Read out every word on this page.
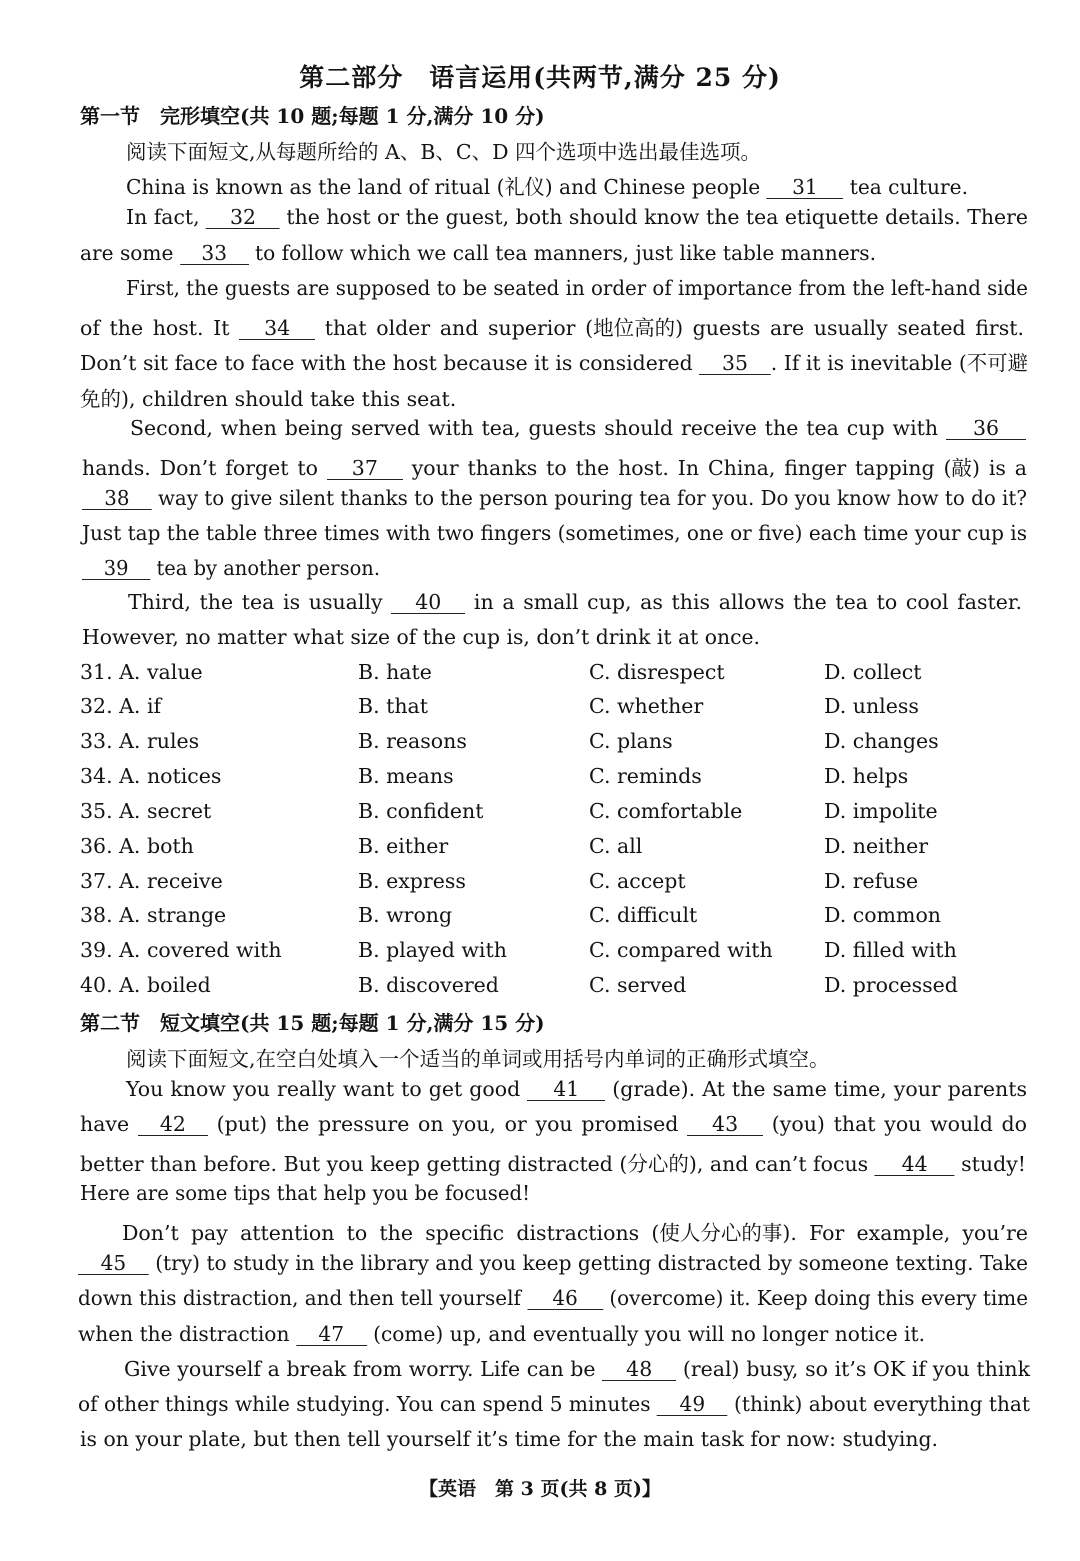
第二部分　语言运用(共两节,满分 25 分)
第一节　完形填空(共 10 题;每题 1 分,满分 10 分)
阅读下面短文,从每题所给的 A、B、C、D 四个选项中选出最佳选项。
China is known as the land of ritual (礼仪) and Chinese people 31 tea culture.
In fact, 32 the host or the guest, both should know the tea etiquette details. There
are some 33 to follow which we call tea manners, just like table manners.
First, the guests are supposed to be seated in order of importance from the left-hand side
of the host. It 34 that older and superior (地位高的) guests are usually seated first.
Don’t sit face to face with the host because it is considered 35 . If it is inevitable (不可避
免的), children should take this seat.
Second, when being served with tea, guests should receive the tea cup with 36
hands. Don’t forget to 37 your thanks to the host. In China, finger tapping (敲) is a
38 way to give silent thanks to the person pouring tea for you. Do you know how to do it?
Just tap the table three times with two fingers (sometimes, one or five) each time your cup is
39 tea by another person.
Third, the tea is usually 40 in a small cup, as this allows the tea to cool faster.
However, no matter what size of the cup is, don’t drink it at once.
31. A. value	B. hate	C. disrespect	D. collect
32. A. if	B. that	C. whether	D. unless
33. A. rules	B. reasons	C. plans	D. changes
34. A. notices	B. means	C. reminds	D. helps
35. A. secret	B. confident	C. comfortable	D. impolite
36. A. both	B. either	C. all	D. neither
37. A. receive	B. express	C. accept	D. refuse
38. A. strange	B. wrong	C. difficult	D. common
39. A. covered with	B. played with	C. compared with	D. filled with
40. A. boiled	B. discovered	C. served	D. processed
第二节　短文填空(共 15 题;每题 1 分,满分 15 分)
阅读下面短文,在空白处填入一个适当的单词或用括号内单词的正确形式填空。
You know you really want to get good 41 (grade). At the same time, your parents
have 42 (put) the pressure on you, or you promised 43 (you) that you would do
better than before. But you keep getting distracted (分心的), and can’t focus 44 study!
Here are some tips that help you be focused!
Don’t pay attention to the specific distractions (使人分心的事). For example, you’re
45 (try) to study in the library and you keep getting distracted by someone texting. Take
down this distraction, and then tell yourself 46 (overcome) it. Keep doing this every time
when the distraction 47 (come) up, and eventually you will no longer notice it.
Give yourself a break from worry. Life can be 48 (real) busy, so it’s OK if you think
of other things while studying. You can spend 5 minutes 49 (think) about everything that
is on your plate, but then tell yourself it’s time for the main task for now: studying.
【英语　第 3 页(共 8 页)】
